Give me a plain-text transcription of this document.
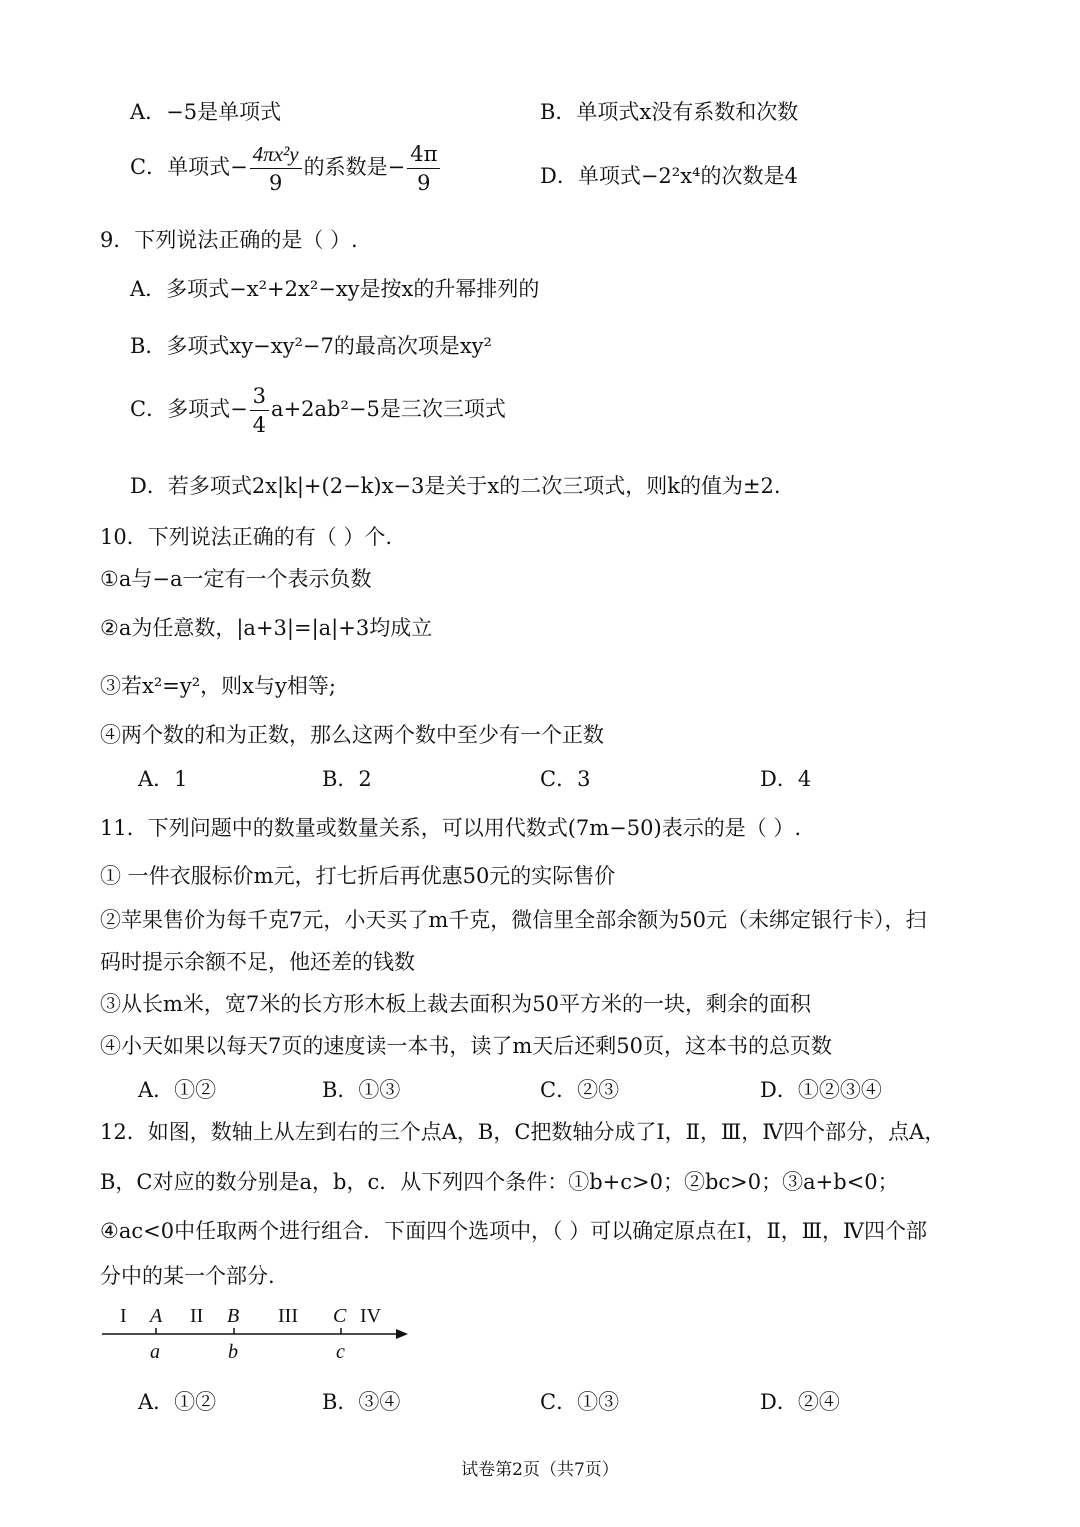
A．−5是单项式	B．单项式x没有系数和次数
C．单项式− $\frac{\text{4πx²y}}{9}$ 的系数是− $\frac{4\pi}{9}$	D．单项式−2²x⁴的次数是4
9．下列说法正确的是（ ）.
A．多项式−x²+2x²−xy是按x的升幂排列的
B．多项式xy−xy²−7的最高次项是xy²
C．多项式− $\frac{3}{4} a+2ab^2-5$是三次三项式
D．若多项式2x|k|+(2−k)x−3是关于x的二次三项式，则k的值为±2.
10．下列说法正确的有（ ）个.
①a与−a一定有一个表示负数
②a为任意数，|a+3|=|a|+3均成立
③若x²=y²，则x与y相等;
④两个数的和为正数，那么这两个数中至少有一个正数
A．1	B．2	C．3	D．4
11．下列问题中的数量或数量关系，可以用代数式(7m−50)表示的是（ ）.
① 一件衣服标价m元，打七折后再优惠50元的实际售价
②苹果售价为每千克7元，小天买了m千克，微信里全部余额为50元（未绑定银行卡），扫
码时提示余额不足，他还差的钱数
③从长m米，宽7米的长方形木板上裁去面积为50平方米的一块，剩余的面积
④小天如果以每天7页的速度读一本书，读了m天后还剩50页，这本书的总页数
A．①②	B．①③	C．②③	D．①②③④
12．如图，数轴上从左到右的三个点A，B，C把数轴分成了Ⅰ，Ⅱ，Ⅲ，Ⅳ四个部分，点A，
B，C对应的数分别是a，b，c．从下列四个条件：①b+c>0；②bc>0；③a+b<0；
④ac<0中任取两个进行组合．下面四个选项中，（ ）可以确定原点在Ⅰ，Ⅱ，Ⅲ，Ⅳ四个部
分中的某一个部分.
I A II B III C IV
a	b	c
A．①②	B．③④	C．①③	D．②④
试卷第2页（共7页）
